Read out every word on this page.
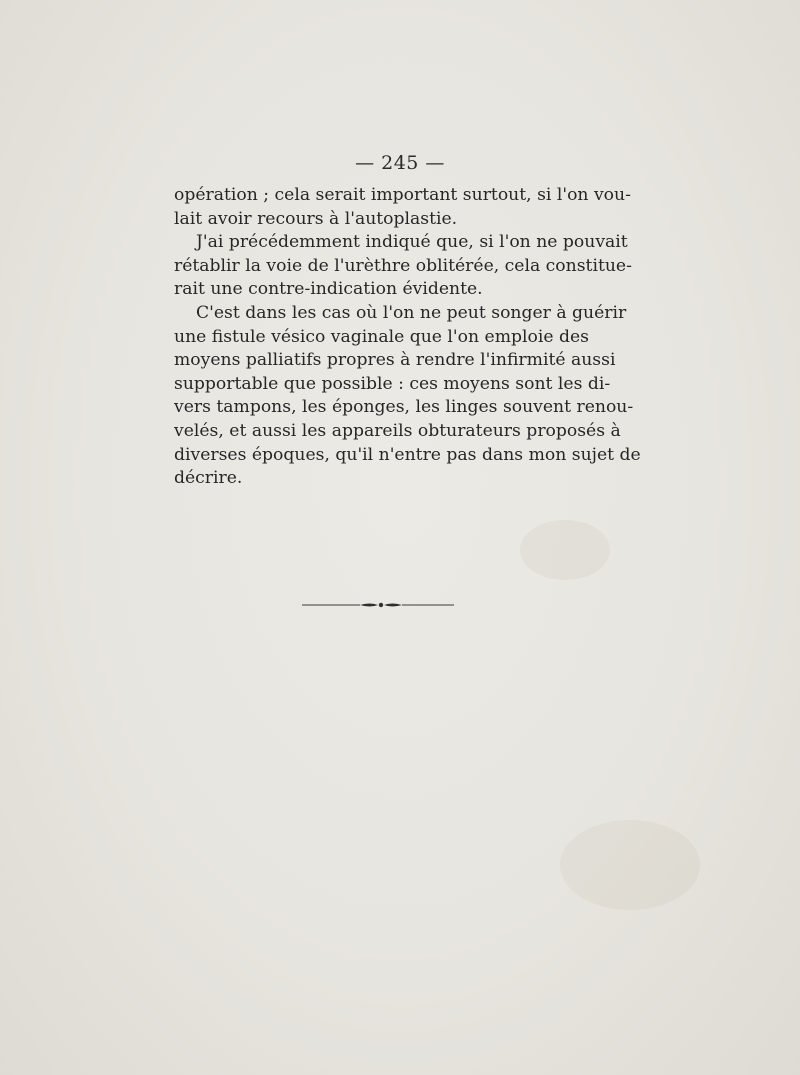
— 245 —
opération ; cela serait important surtout, si l'on vou-
lait avoir recours à l'autoplastie.
J'ai précédemment indiqué que, si l'on ne pouvait
rétablir la voie de l'urèthre oblitérée, cela constitue-
rait une contre-indication évidente.
C'est dans les cas où l'on ne peut songer à guérir
une fistule vésico vaginale que l'on emploie des
moyens palliatifs propres à rendre l'infirmité aussi
supportable que possible : ces moyens sont les di-
vers tampons, les éponges, les linges souvent renou-
velés, et aussi les appareils obturateurs proposés à
diverses époques, qu'il n'entre pas dans mon sujet de
décrire.
